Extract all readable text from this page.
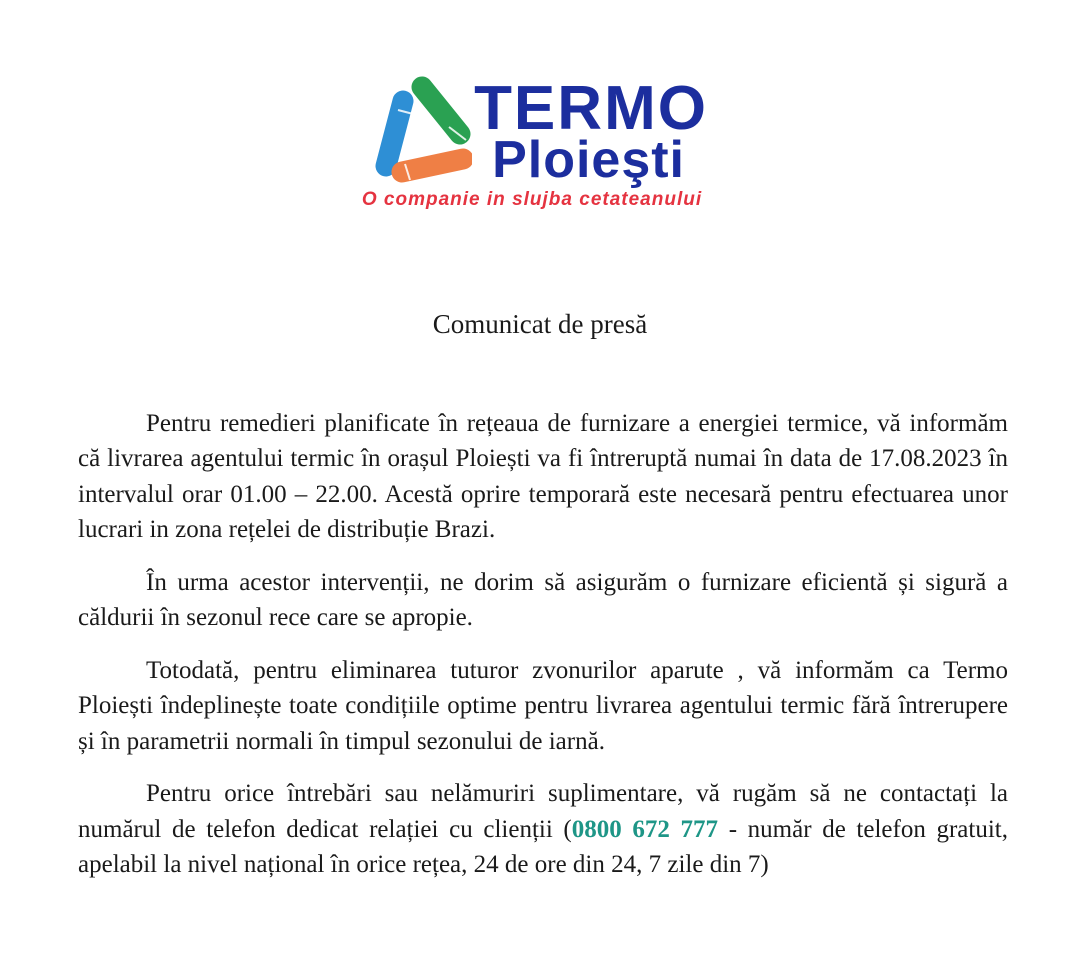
TERMO
Ploieşti
O companie in slujba cetateanului
Comunicat de presă

Pentru remedieri planificate în rețeaua de furnizare a energiei termice, vă informăm că livrarea agentului termic în orașul Ploiești va fi întreruptă numai în data de 17.08.2023 în intervalul orar 01.00 – 22.00. Acestă oprire temporară este necesară pentru efectuarea unor lucrari in zona rețelei de distribuție Brazi.

În urma acestor intervenții, ne dorim să asigurăm o furnizare eficientă și sigură a căldurii în sezonul rece care se apropie.

Totodată, pentru eliminarea tuturor zvonurilor aparute , vă informăm ca Termo Ploiești îndeplinește toate condițiile optime pentru livrarea agentului termic fără întrerupere și în parametrii normali în timpul sezonului de iarnă.

Pentru orice întrebări sau nelămuriri suplimentare, vă rugăm să ne contactați la numărul de telefon dedicat relației cu clienții (0800 672 777 - număr de telefon gratuit, apelabil la nivel național în orice rețea, 24 de ore din 24, 7 zile din 7)
